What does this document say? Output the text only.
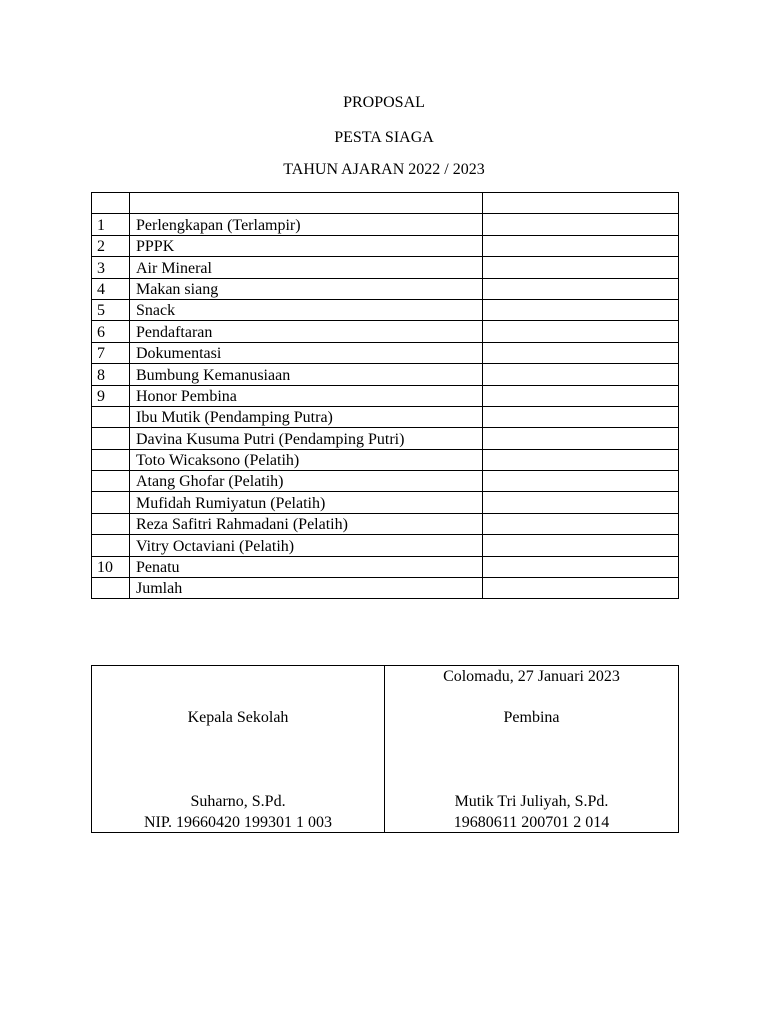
PROPOSAL
PESTA SIAGA
TAHUN AJARAN 2022 / 2023

1	Perlengkapan (Terlampir)	
2	PPPK	
3	Air Mineral	
4	Makan siang	
5	Snack	
6	Pendaftaran	
7	Dokumentasi	
8	Bumbung Kemanusiaan	
9	Honor Pembina	
	Ibu Mutik (Pendamping Putra)	
	Davina Kusuma Putri (Pendamping Putri)	
	Toto Wicaksono (Pelatih)	
	Atang Ghofar (Pelatih)	
	Mufidah Rumiyatun (Pelatih)	
	Reza Safitri Rahmadani (Pelatih)	
	Vitry Octaviani (Pelatih)	
10	Penatu	
	Jumlah	
Kepala Sekolah
Suharno, S.Pd.
NIP. 19660420 199301 1 003

Colomadu, 27 Januari 2023
Pembina
Mutik Tri Juliyah, S.Pd.
19680611 200701 2 014
